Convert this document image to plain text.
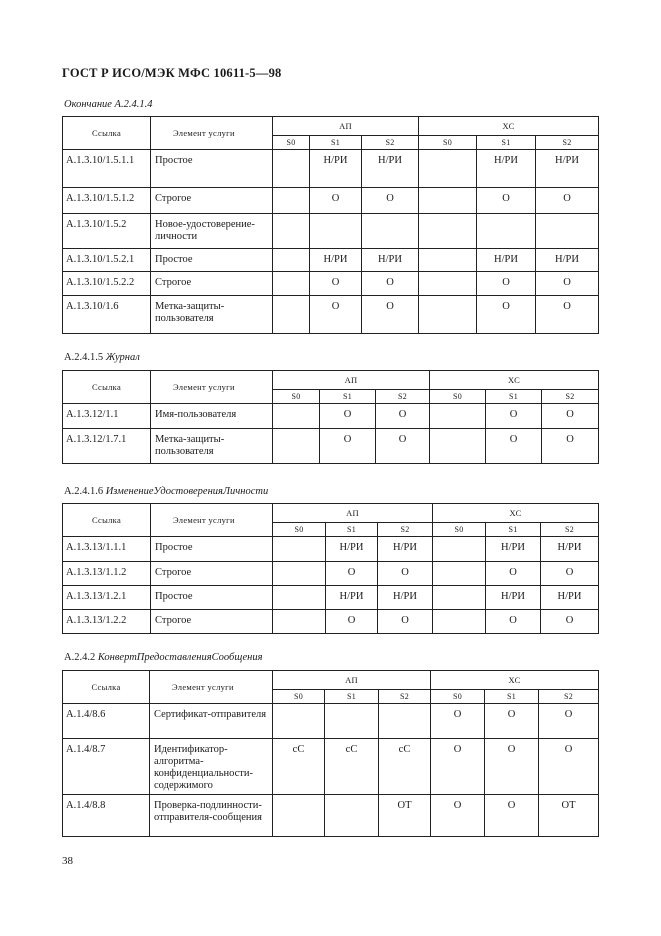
ГОСТ Р ИСО/МЭК МФС 10611-5—98
Окончание А.2.4.1.4
Ссылка	Элемент услуги	АП			ХС		
		S0	S1	S2	S0	S1	S2
А.1.3.10/1.5.1.1	Простое		Н/РИ	Н/РИ		Н/РИ	Н/РИ
А.1.3.10/1.5.1.2	Строгое		О	О		О	О
А.1.3.10/1.5.2	Новое-удостоверение-личности						
А.1.3.10/1.5.2.1	Простое		Н/РИ	Н/РИ		Н/РИ	Н/РИ
А.1.3.10/1.5.2.2	Строгое		О	О		О	О
А.1.3.10/1.6	Метка-защиты-пользователя		О	О		О	О
А.2.4.1.5 Журнал
Ссылка	Элемент услуги	АП			ХС		
		S0	S1	S2	S0	S1	S2
А.1.3.12/1.1	Имя-пользователя		О	О		О	О
А.1.3.12/1.7.1	Метка-защиты-пользователя		О	О		О	О
А.2.4.1.6 ИзменениеУдостоверенияЛичности
Ссылка	Элемент услуги	АП			ХС		
		S0	S1	S2	S0	S1	S2
А.1.3.13/1.1.1	Простое		Н/РИ	Н/РИ		Н/РИ	Н/РИ
А.1.3.13/1.1.2	Строгое		О	О		О	О
А.1.3.13/1.2.1	Простое		Н/РИ	Н/РИ		Н/РИ	Н/РИ
А.1.3.13/1.2.2	Строгое		О	О		О	О
А.2.4.2 КонвертПредоставленияСообщения
Ссылка	Элемент услуги	АП			ХС		
		S0	S1	S2	S0	S1	S2
А.1.4/8.6	Сертификат-отправителя				О	О	О
А.1.4/8.7	Идентификатор-алгоритма-конфиденциальности-содержимого	сС	сС	сС	О	О	О
А.1.4/8.8	Проверка-подлинности-отправителя-сообщения			ОТ	О	О	ОТ
38
